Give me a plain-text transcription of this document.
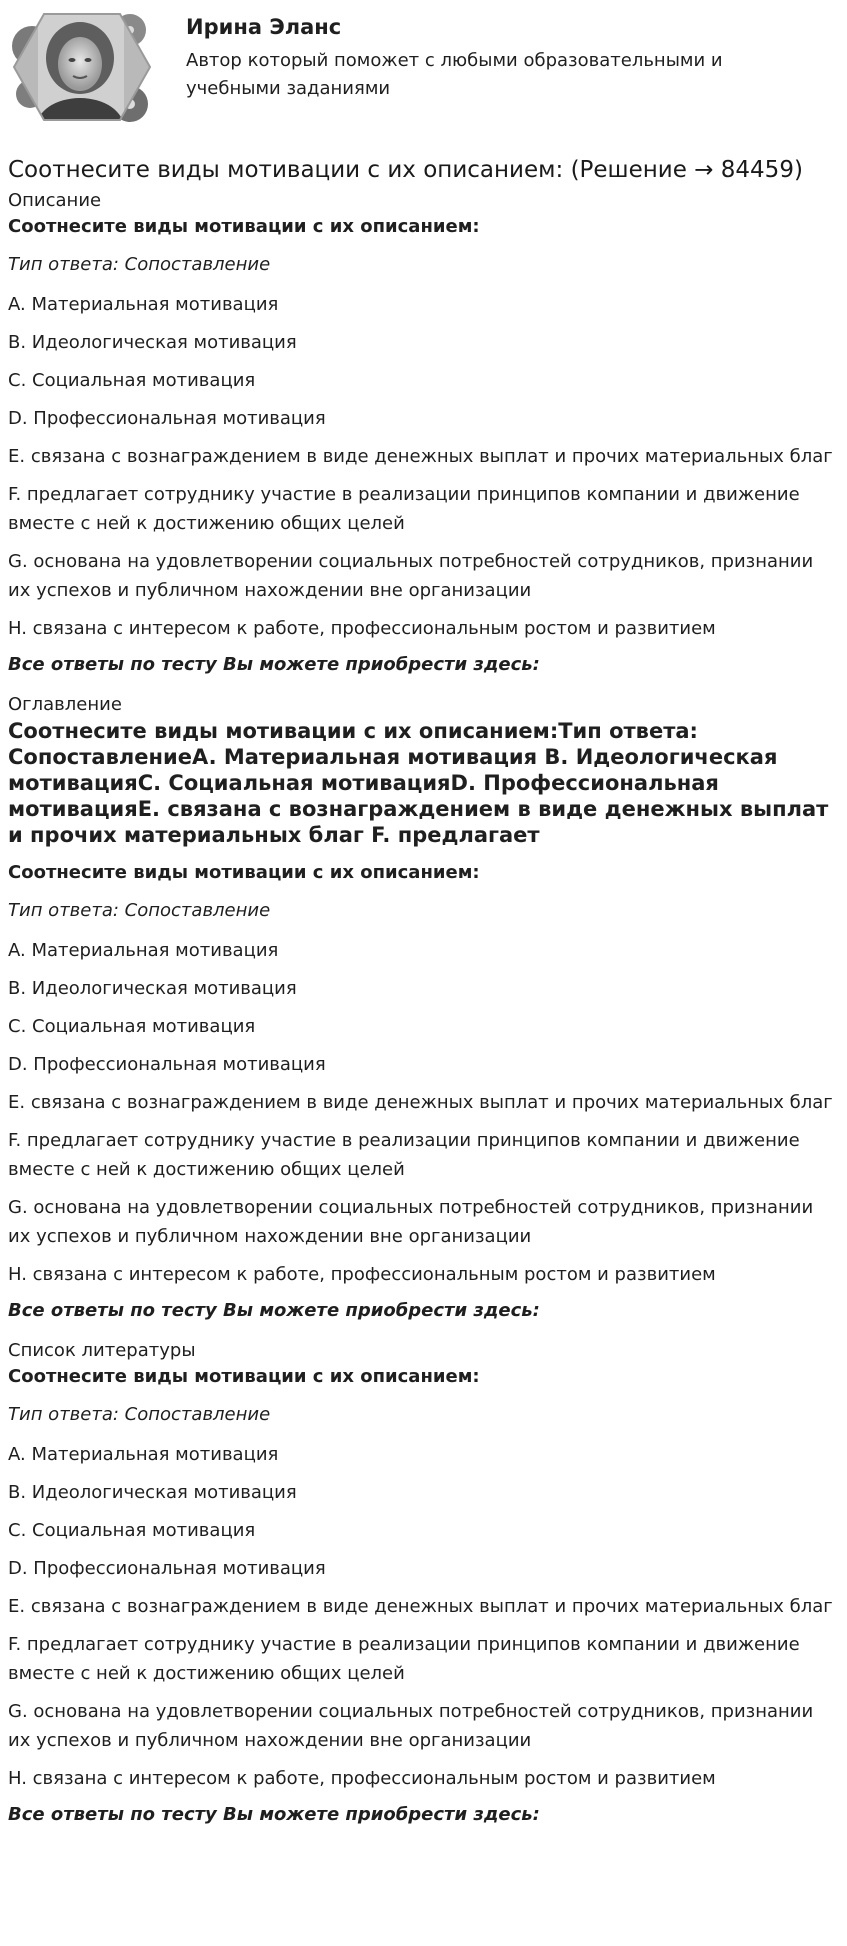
Ирина Эланс

Автор который поможет с любыми образовательными и учебными заданиями

Соотнесите виды мотивации с их описанием: (Решение → 84459)

Описание

Соотнесите виды мотивации с их описанием:

Тип ответа: Сопоставление

A. Материальная мотивация

B. Идеологическая мотивация

C. Социальная мотивация

D. Профессиональная мотивация

E. связана с вознаграждением в виде денежных выплат и прочих материальных благ

F. предлагает сотруднику участие в реализации принципов компании и движение вместе с ней к достижению общих целей

G. основана на удовлетворении социальных потребностей сотрудников, признании их успехов и публичном нахождении вне организации

H. связана с интересом к работе, профессиональным ростом и развитием

Все ответы по тесту Вы можете приобрести здесь:

Оглавление

Соотнесите виды мотивации с их описанием:Тип ответа: СопоставлениеA. Материальная мотивация B. Идеологическая мотивацияC. Социальная мотивацияD. Профессиональная мотивацияE. связана с вознаграждением в виде денежных выплат и прочих материальных благ F. предлагает

Соотнесите виды мотивации с их описанием:

Тип ответа: Сопоставление

A. Материальная мотивация

B. Идеологическая мотивация

C. Социальная мотивация

D. Профессиональная мотивация

E. связана с вознаграждением в виде денежных выплат и прочих материальных благ

F. предлагает сотруднику участие в реализации принципов компании и движение вместе с ней к достижению общих целей

G. основана на удовлетворении социальных потребностей сотрудников, признании их успехов и публичном нахождении вне организации

H. связана с интересом к работе, профессиональным ростом и развитием

Все ответы по тесту Вы можете приобрести здесь:

Список литературы

Соотнесите виды мотивации с их описанием:

Тип ответа: Сопоставление

A. Материальная мотивация

B. Идеологическая мотивация

C. Социальная мотивация

D. Профессиональная мотивация

E. связана с вознаграждением в виде денежных выплат и прочих материальных благ

F. предлагает сотруднику участие в реализации принципов компании и движение вместе с ней к достижению общих целей

G. основана на удовлетворении социальных потребностей сотрудников, признании их успехов и публичном нахождении вне организации

H. связана с интересом к работе, профессиональным ростом и развитием

Все ответы по тесту Вы можете приобрести здесь:
